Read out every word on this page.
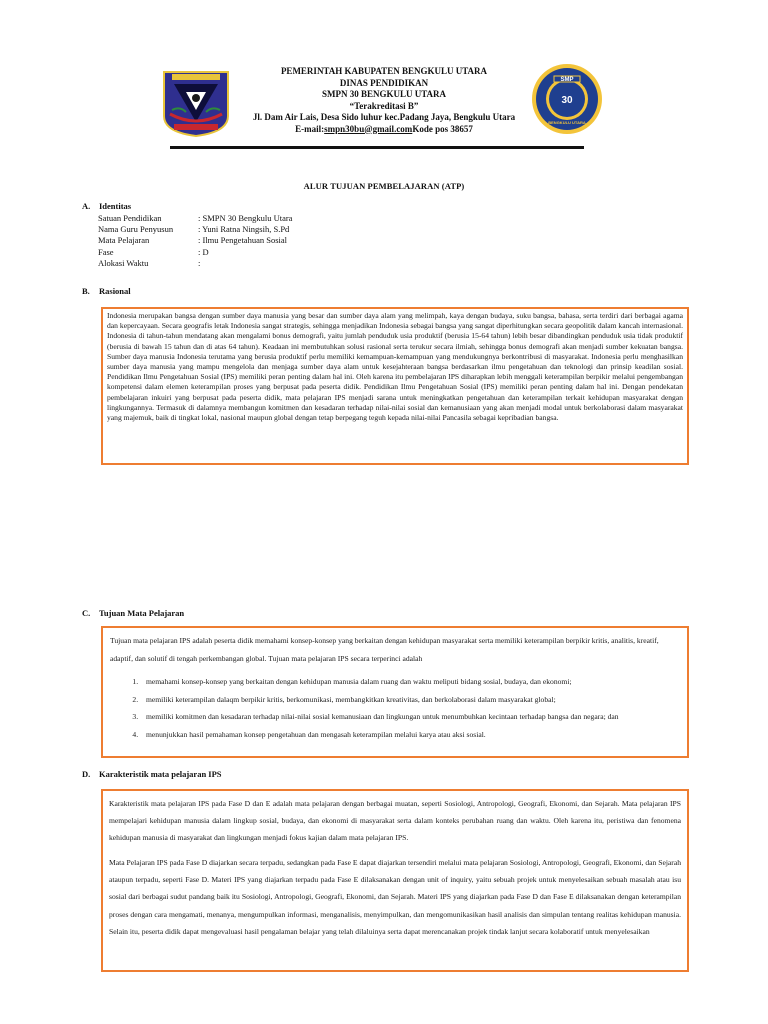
PEMERINTAH KABUPATEN BENGKULU UTARA
DINAS PENDIDIKAN
SMPN 30 BENGKULU UTARA
“Terakreditasi B”
Jl. Dam Air Lais, Desa Sido luhur kec.Padang Jaya, Bengkulu Utara
E-mail:smpn30bu@gmail.comKode pos 38657
SMP
30
BENGKULU UTARA
ALUR TUJUAN PEMBELAJARAN (ATP)
A. Identitas
Satuan Pendidikan	: SMPN 30 Bengkulu Utara
Nama Guru Penyusun	: Yuni Ratna Ningsih, S.Pd
Mata Pelajaran	: Ilmu Pengetahuan Sosial
Fase	: D
Alokasi Waktu	:
B. Rasional
Indonesia merupakan bangsa dengan sumber daya manusia yang besar dan sumber daya alam yang melimpah, kaya dengan budaya, suku bangsa, bahasa, serta terdiri dari berbagai agama dan kepercayaan. Secara geografis letak Indonesia sangat strategis, sehingga menjadikan Indonesia sebagai bangsa yang sangat diperhitungkan secara geopolitik dalam kancah internasional. Indonesia di tahun-tahun mendatang akan mengalami bonus demografi, yaitu jumlah penduduk usia produktif (berusia 15-64 tahun) lebih besar dibandingkan penduduk usia tidak produktif (berusia di bawah 15 tahun dan di atas 64 tahun). Keadaan ini membutuhkan solusi rasional serta terukur secara ilmiah, sehingga bonus demografi akan menjadi sumber kekuatan bangsa. Sumber daya manusia Indonesia terutama yang berusia produktif perlu memiliki kemampuan-kemampuan yang mendukungnya berkontribusi di masyarakat. Indonesia perlu menghasilkan sumber daya manusia yang mampu mengelola dan menjaga sumber daya alam untuk kesejahteraan bangsa berdasarkan ilmu pengetahuan dan teknologi dan prinsip keadilan sosial. Pendidikan Ilmu Pengetahuan Sosial (IPS) memiliki peran penting dalam hal ini. Oleh karena itu pembelajaran IPS diharapkan lebih menggali keterampilan berpikir melalui pengembangan kompetensi dalam elemen keterampilan proses yang berpusat pada peserta didik. Pendidikan Ilmu Pengetahuan Sosial (IPS) memiliki peran penting dalam hal ini. Dengan pendekatan pembelajaran inkuiri yang berpusat pada peserta didik, mata pelajaran IPS menjadi sarana untuk meningkatkan pengetahuan dan keterampilan terkait kehidupan masyarakat dengan lingkungannya. Termasuk di dalamnya membangun komitmen dan kesadaran terhadap nilai-nilai sosial dan kemanusiaan yang akan menjadi modal untuk berkolaborasi dalam masyarakat yang majemuk, baik di tingkat lokal, nasional maupun global dengan tetap berpegang teguh kepada nilai-nilai Pancasila sebagai kepribadian bangsa.
C. Tujuan Mata Pelajaran
Tujuan mata pelajaran IPS adalah peserta didik memahami konsep-konsep yang berkaitan dengan kehidupan masyarakat serta memiliki keterampilan berpikir kritis, analitis, kreatif, adaptif, dan solutif di tengah perkembangan global. Tujuan mata pelajaran IPS secara terperinci adalah
1. memahami konsep-konsep yang berkaitan dengan kehidupan manusia dalam ruang dan waktu meliputi bidang sosial, budaya, dan ekonomi;
2. memiliki keterampilan dalaqm berpikir kritis, berkomunikasi, membangkitkan kreativitas, dan berkolaborasi dalam masyarakat global;
3. memiliki komitmen dan kesadaran terhadap nilai-nilai sosial kemanusiaan dan lingkungan untuk menumbuhkan kecintaan terhadap bangsa dan negara; dan
4. menunjukkan hasil pemahaman konsep pengetahuan dan mengasah keterampilan melalui karya atau aksi sosial.
D. Karakteristik mata pelajaran IPS

Karakteristik mata pelajaran IPS pada Fase D dan E adalah mata pelajaran dengan berbagai muatan, seperti Sosiologi, Antropologi, Geografi, Ekonomi, dan Sejarah. Mata pelajaran IPS mempelajari kehidupan manusia dalam lingkup sosial, budaya, dan ekonomi di masyarakat serta dalam konteks perubahan ruang dan waktu. Oleh karena itu, peristiwa dan fenomena kehidupan manusia di masyarakat dan lingkungan menjadi fokus kajian dalam mata pelajaran IPS.

Mata Pelajaran IPS pada Fase D diajarkan secara terpadu, sedangkan pada Fase E dapat diajarkan tersendiri melalui mata pelajaran Sosiologi, Antropologi, Geografi, Ekonomi, dan Sejarah ataupun terpadu, seperti Fase D. Materi IPS yang diajarkan terpadu pada Fase E dilaksanakan dengan unit of inquiry, yaitu sebuah projek untuk menyelesaikan sebuah masalah atau isu sosial dari berbagai sudut pandang baik itu Sosiologi, Antropologi, Geografi, Ekonomi, dan Sejarah. Materi IPS yang diajarkan pada Fase D dan Fase E dilaksanakan dengan keterampilan proses dengan cara mengamati, menanya, mengumpulkan informasi, menganalisis, menyimpulkan, dan mengomunikasikan hasil analisis dan simpulan tentang realitas kehidupan manusia. Selain itu, peserta didik dapat mengevaluasi hasil pengalaman belajar yang telah dilaluinya serta dapat merencanakan projek tindak lanjut secara kolaboratif untuk menyelesaikan
